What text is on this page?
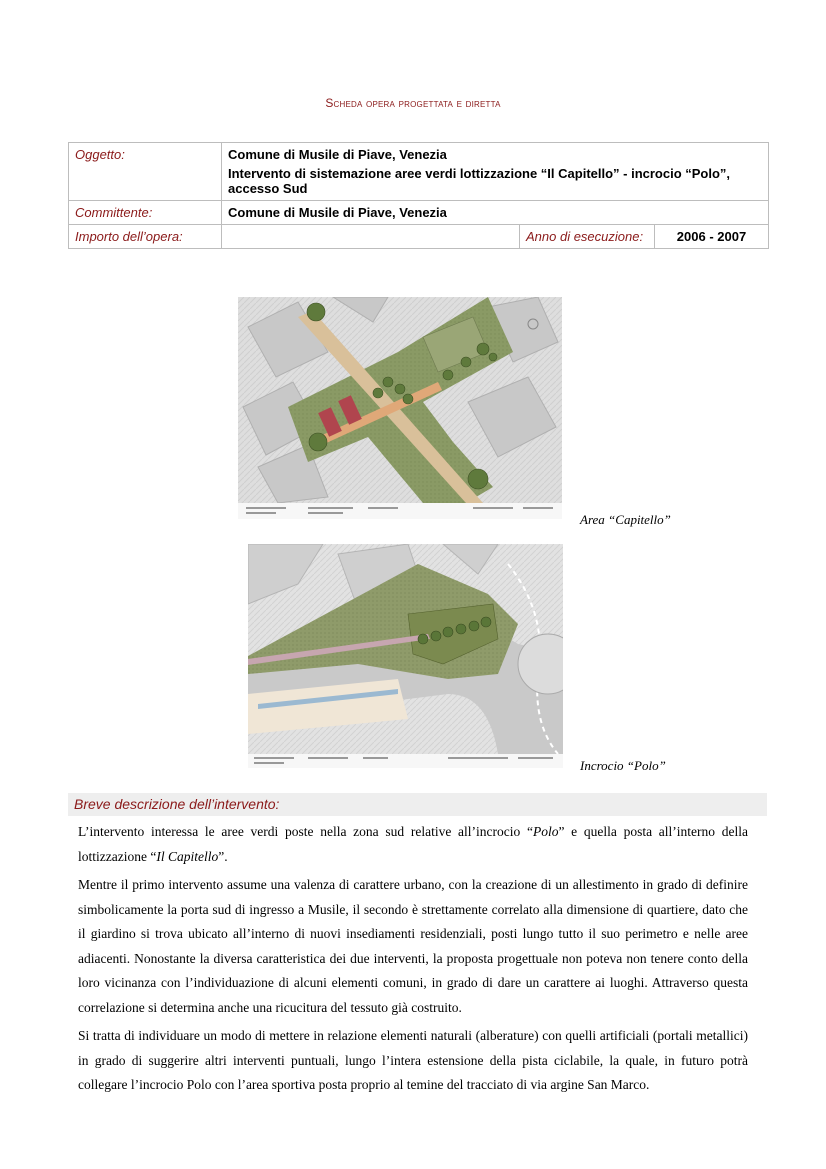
Scheda opera progettata e diretta
Oggetto:	Comune di Musile di Piave, Venezia
Intervento di sistemazione aree verdi lottizzazione “Il Capitello” - incrocio “Polo”, accesso Sud		

Committente:	Comune di Musile di Piave, Venezia		
Importo dell’opera:		Anno di esecuzione:	2006 - 2007
Area “Capitello”
Incrocio “Polo”
Breve descrizione dell’intervento:

L’intervento interessa le aree verdi poste nella zona sud relative all’incrocio “Polo” e quella posta all’interno della lottizzazione “Il Capitello”.

Mentre il primo intervento assume una valenza di carattere urbano, con la creazione di un allestimento in grado di definire simbolicamente la porta sud di ingresso a Musile, il secondo è strettamente correlato alla dimensione di quartiere, dato che il giardino si trova ubicato all’interno di nuovi insediamenti residenziali, posti lungo tutto il suo perimetro e nelle aree adiacenti. Nonostante la diversa caratteristica dei due interventi, la proposta progettuale non poteva non tenere conto della loro vicinanza con l’individuazione di alcuni elementi comuni, in grado di dare un carattere ai luoghi. Attraverso questa correlazione si determina anche una ricucitura del tessuto già costruito.

Si tratta di individuare un modo di mettere in relazione elementi naturali (alberature) con quelli artificiali (portali metallici) in grado di suggerire altri interventi puntuali, lungo l’intera estensione della pista ciclabile, la quale, in futuro potrà collegare l’incrocio Polo con l’area sportiva posta proprio al temine del tracciato di via argine San Marco.
